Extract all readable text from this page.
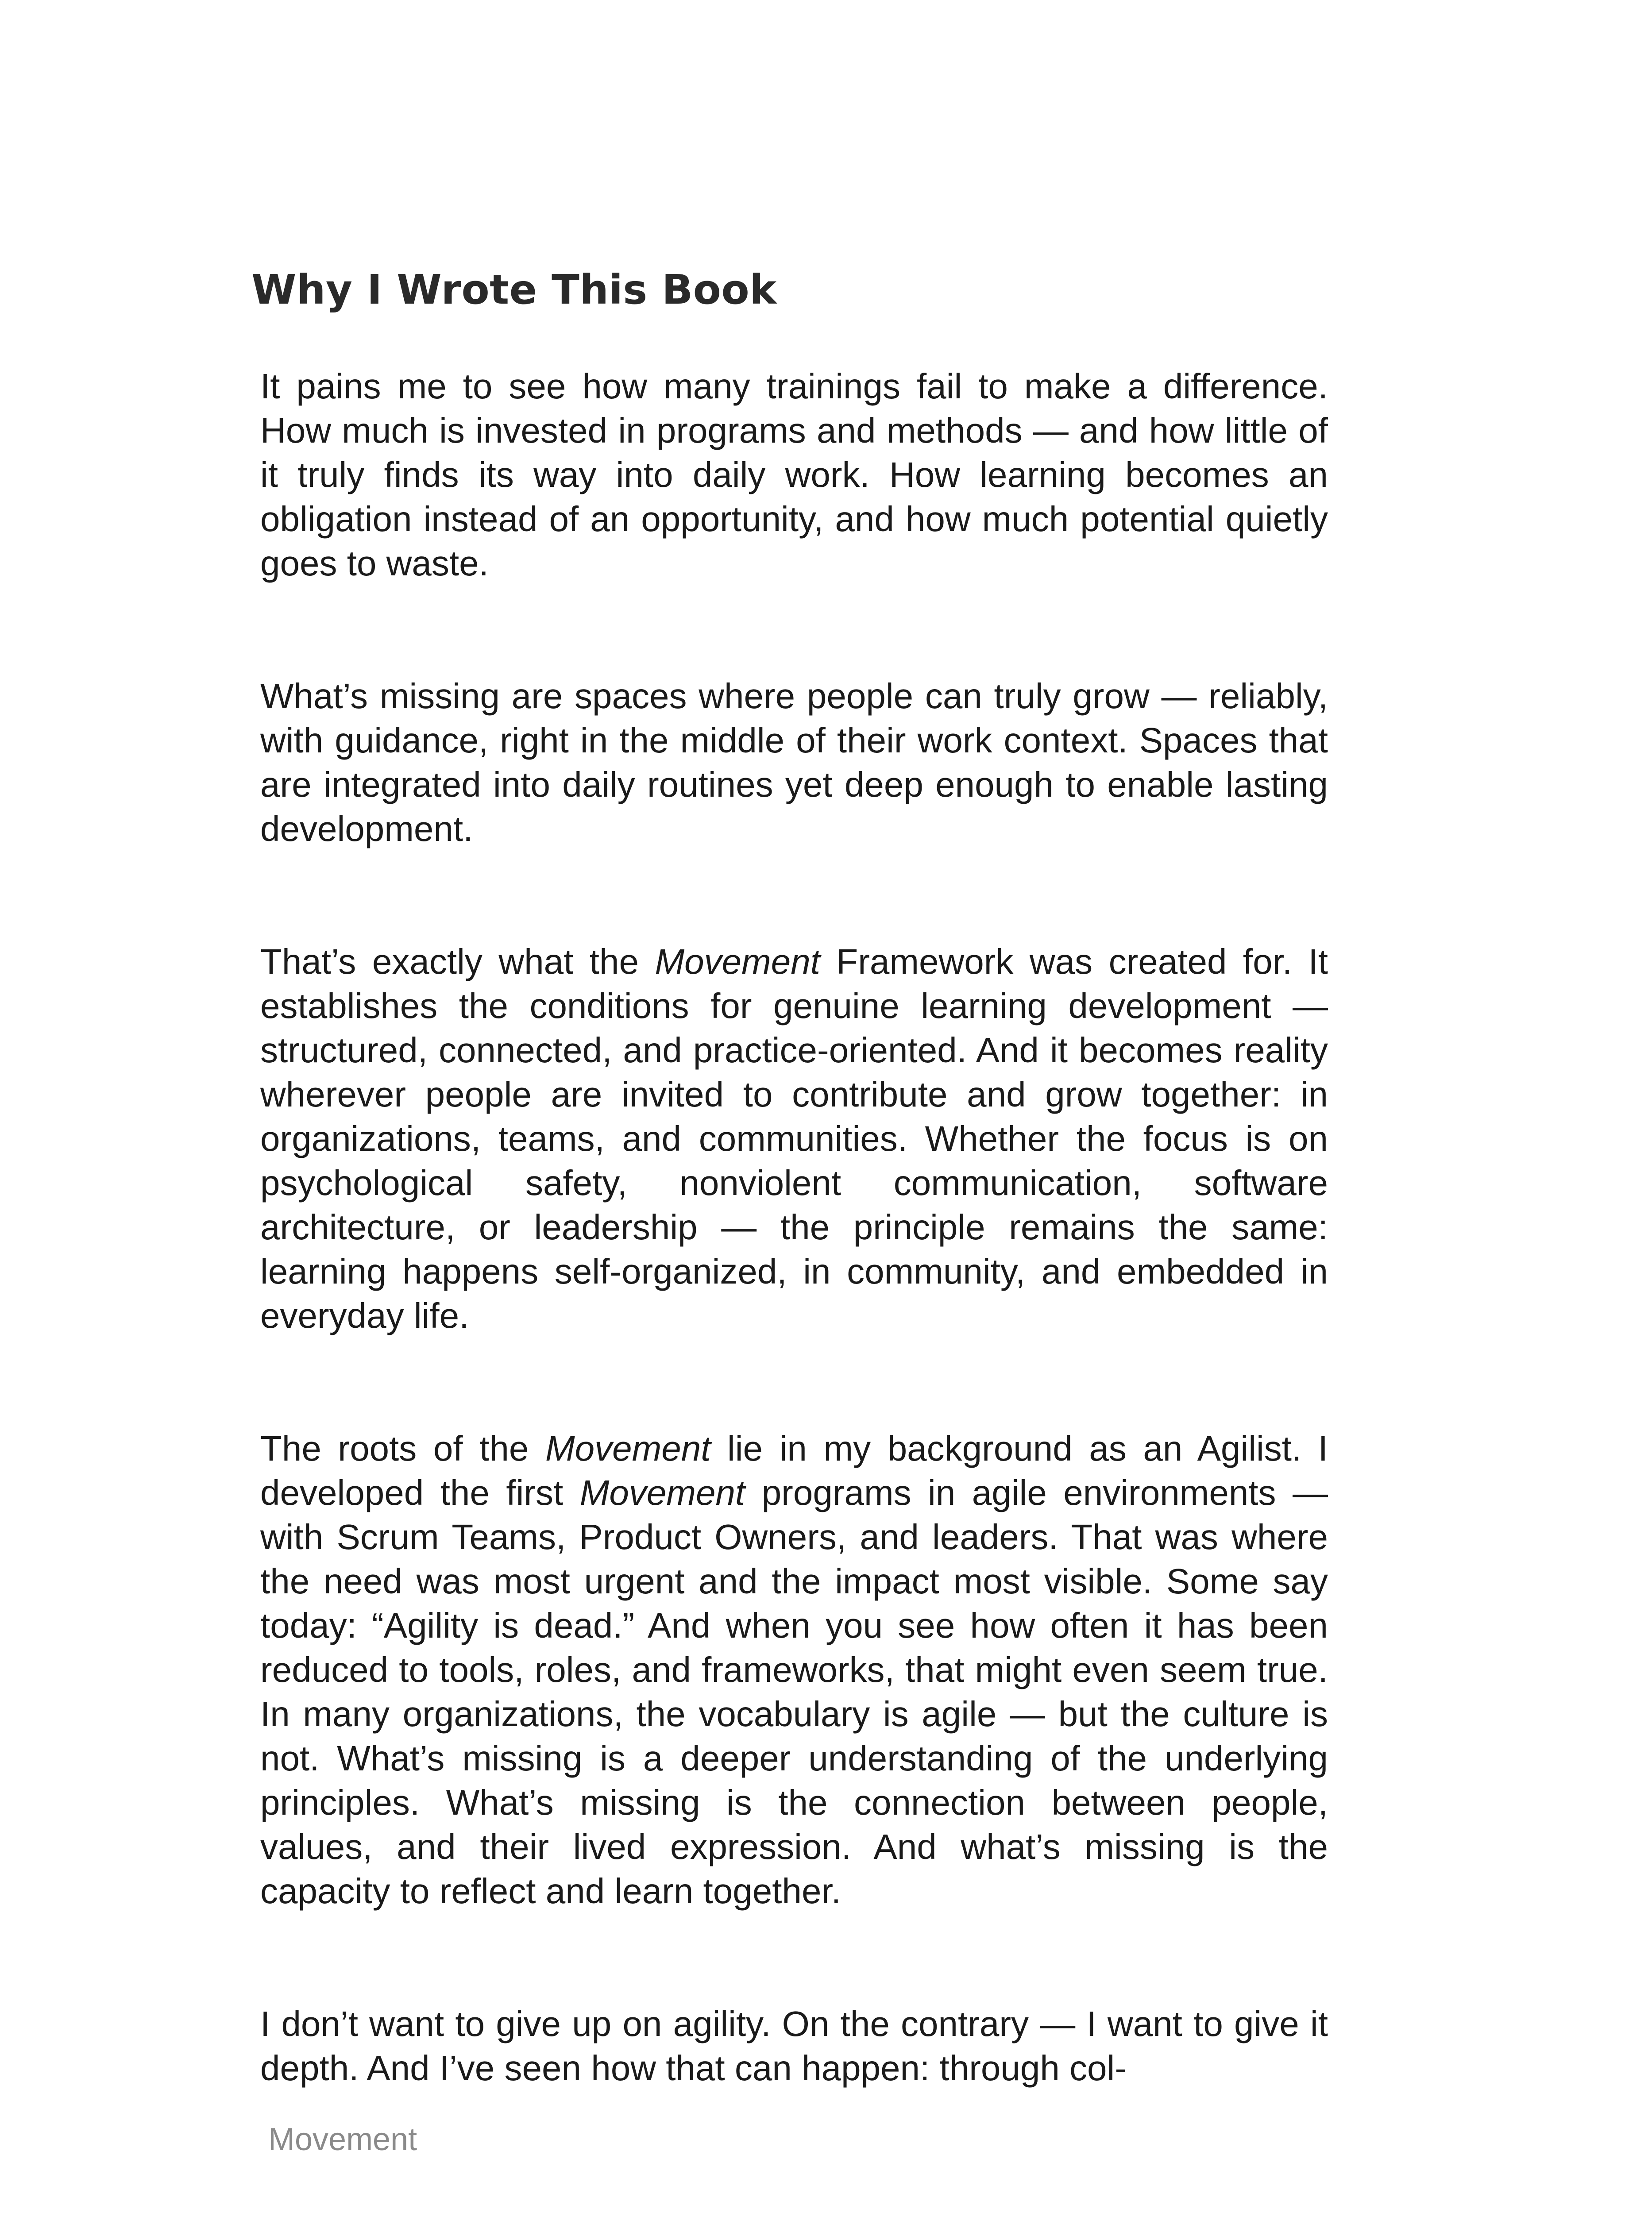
Why I Wrote This Book

It pains me to see how many trainings fail to make a difference. How much is invested in programs and methods — and how little of it truly finds its way into daily work. How learning becomes an obligation instead of an opportunity, and how much potential quietly goes to waste.

What’s missing are spaces where people can truly grow — reliably, with guidance, right in the middle of their work context. Spaces that are integrated into daily routines yet deep enough to enable lasting development.

That’s exactly what the Movement Framework was created for. It establishes the conditions for genuine learning development — structured, connected, and practice-oriented. And it becomes reality wherever people are invited to contribute and grow together: in organizations, teams, and communities. Whether the focus is on psychological safety, nonviolent communication, software architecture, or leadership — the principle remains the same: learning happens self-organized, in community, and embedded in everyday life.

The roots of the Movement lie in my background as an Agilist. I developed the first Movement programs in agile environments — with Scrum Teams, Product Owners, and leaders. That was where the need was most urgent and the impact most visible. Some say today: “Agility is dead.” And when you see how often it has been reduced to tools, roles, and frameworks, that might even seem true. In many organizations, the vocabulary is agile — but the culture is not. What’s missing is a deeper understanding of the underlying principles. What’s missing is the connection between people, values, and their lived expression. And what’s missing is the capacity to reflect and learn together.

I don’t want to give up on agility. On the contrary — I want to give it depth. And I’ve seen how that can happen: through col-

Movement
